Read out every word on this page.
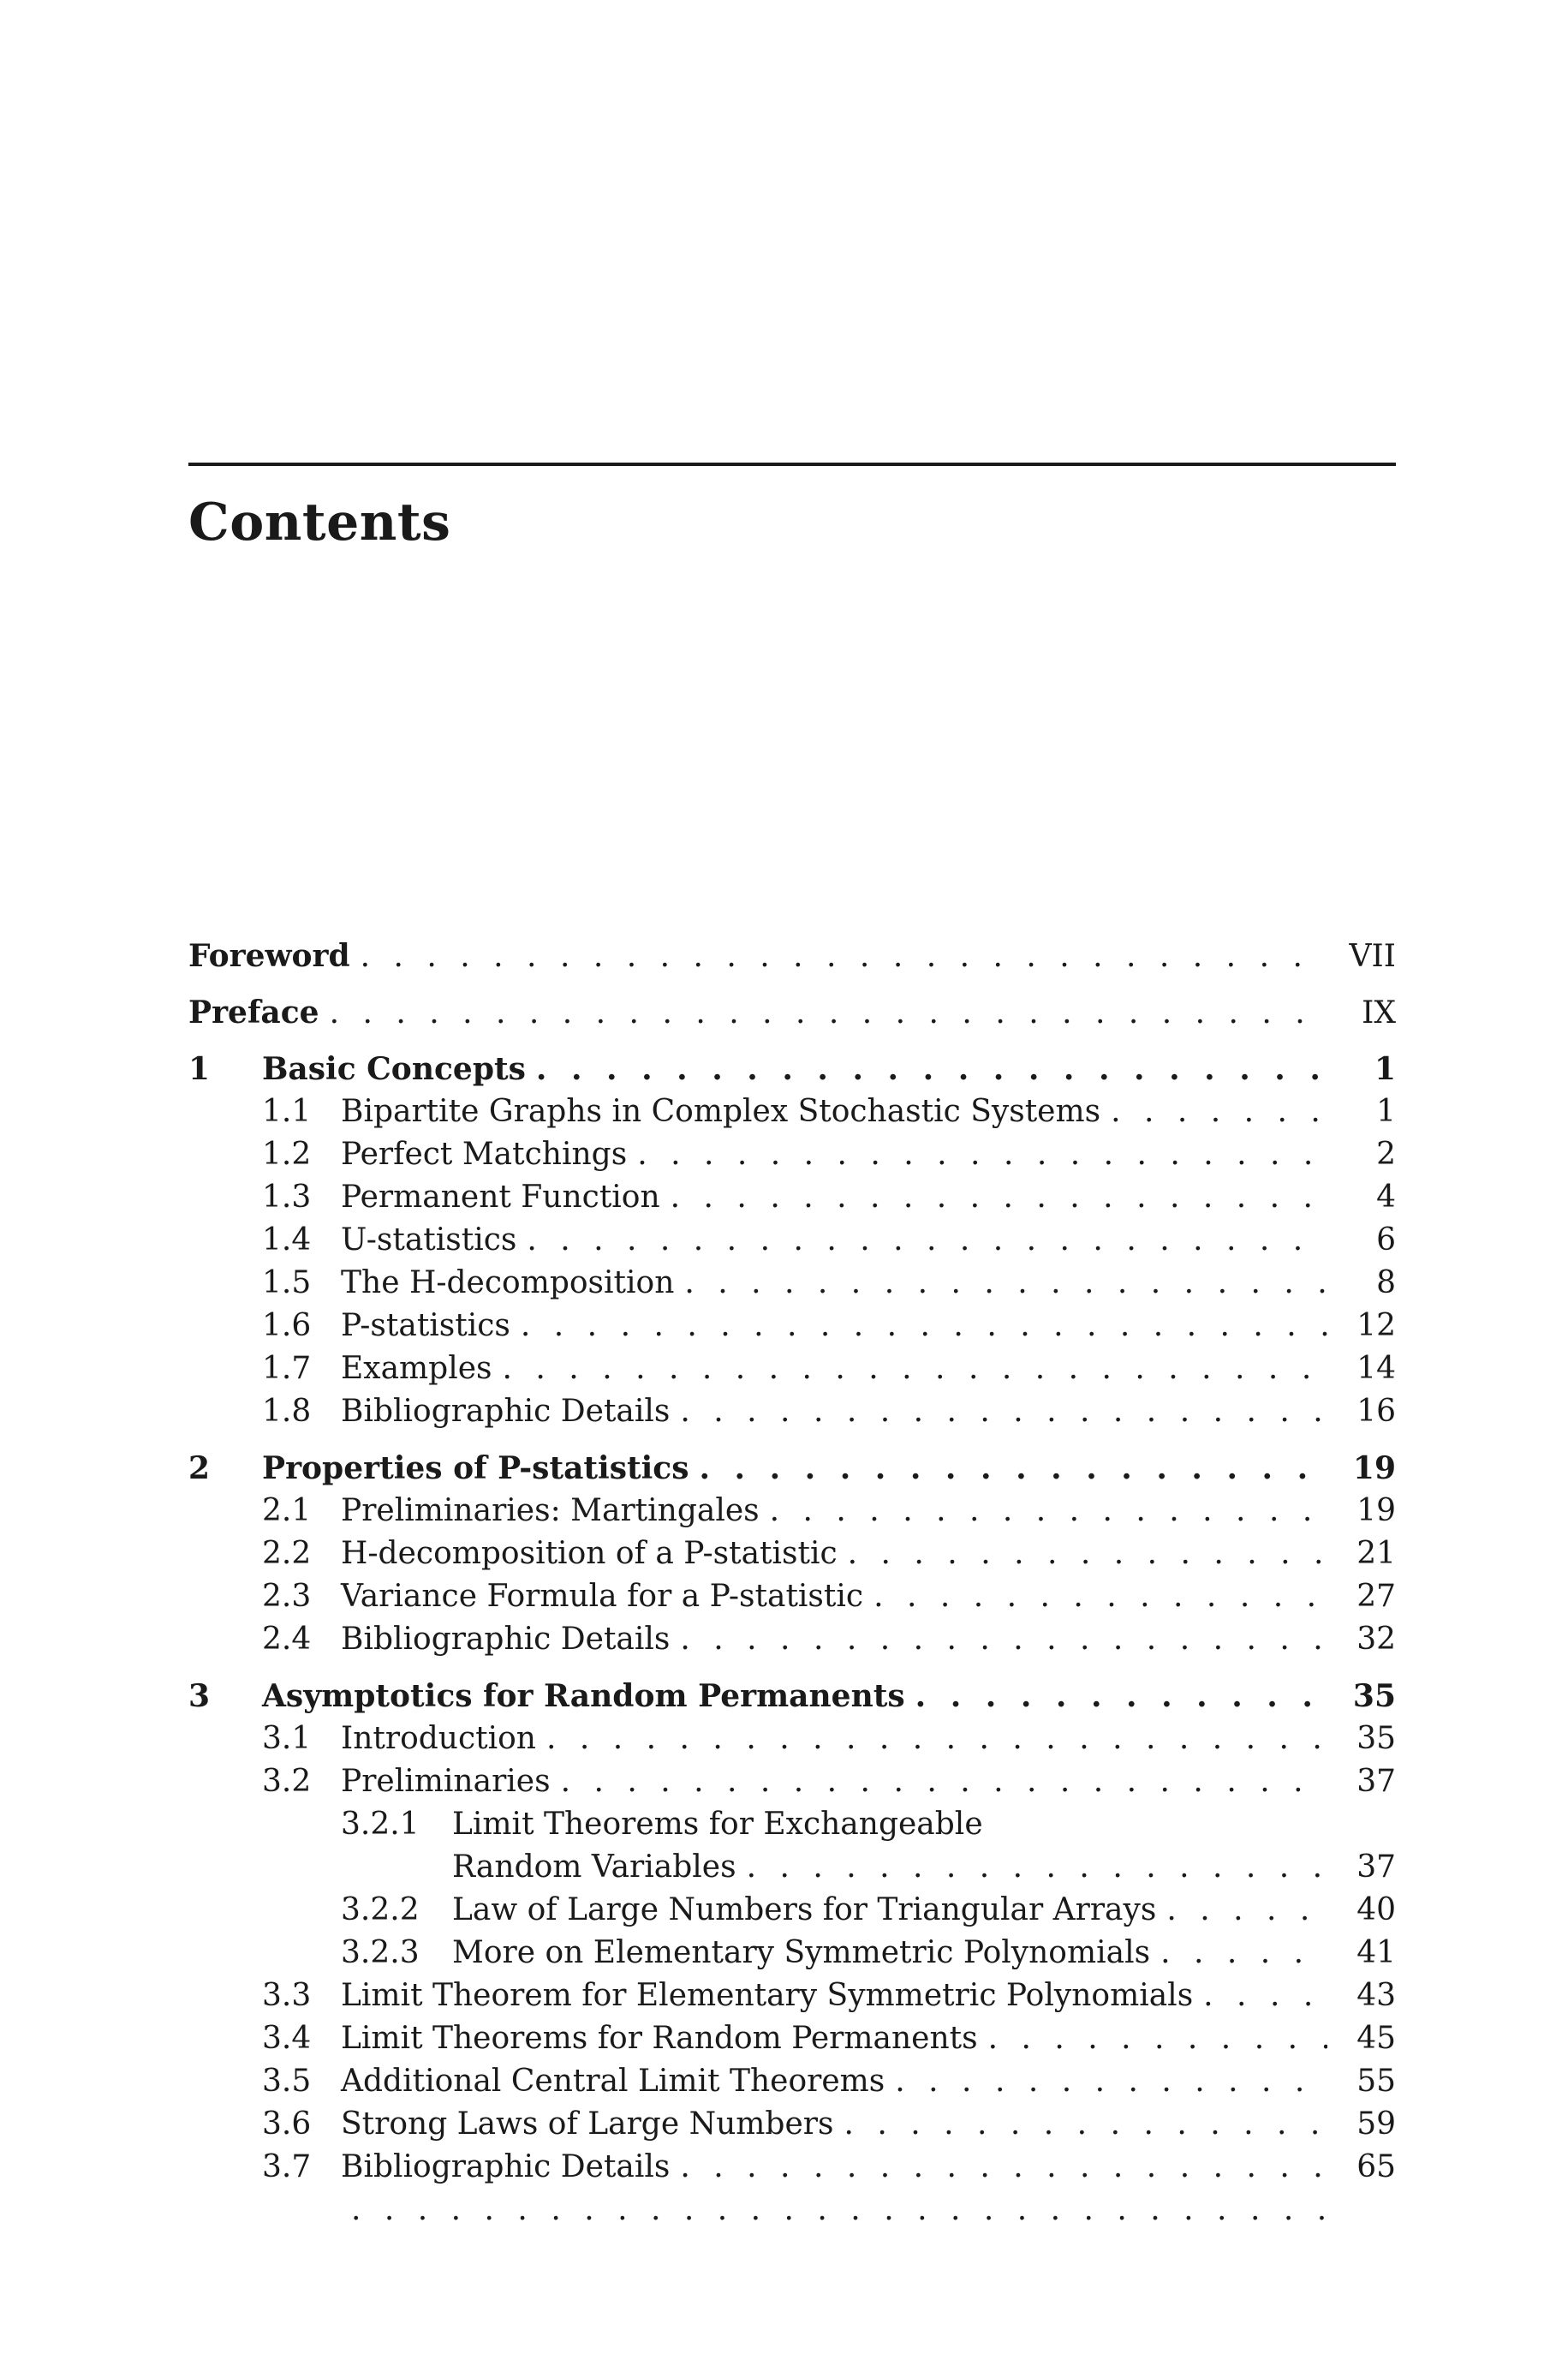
Contents
Foreword . . .	VII
Preface . . .	IX
1	Basic Concepts . . .	1
1.1 Bipartite Graphs in Complex Stochastic Systems . . .	1
1.2 Perfect Matchings . . .	2
1.3 Permanent Function . . .	4
1.4 U-statistics . . .	6
1.5 The H-decomposition . . .	8
1.6 P-statistics . . .	12
1.7 Examples . . .	14
1.8 Bibliographic Details . . .	16
2	Properties of P-statistics . . .	19
2.1 Preliminaries: Martingales . . .	19
2.2 H-decomposition of a P-statistic . . .	21
2.3 Variance Formula for a P-statistic . . .	27
2.4 Bibliographic Details . . .	32
3	Asymptotics for Random Permanents . . .	35
3.1 Introduction . . .	35
3.2 Preliminaries . . .	37
3.2.1	Limit Theorems for Exchangeable
Random Variables . . .	37
3.2.2	Law of Large Numbers for Triangular Arrays . . .	40
3.2.3	More on Elementary Symmetric Polynomials . . .	41
3.3 Limit Theorem for Elementary Symmetric Polynomials . . .	43
3.4 Limit Theorems for Random Permanents . . .	45
3.5 Additional Central Limit Theorems . . .	55
3.6 Strong Laws of Large Numbers . . .	59
3.7 Bibliographic Details . . .	65
. . .
